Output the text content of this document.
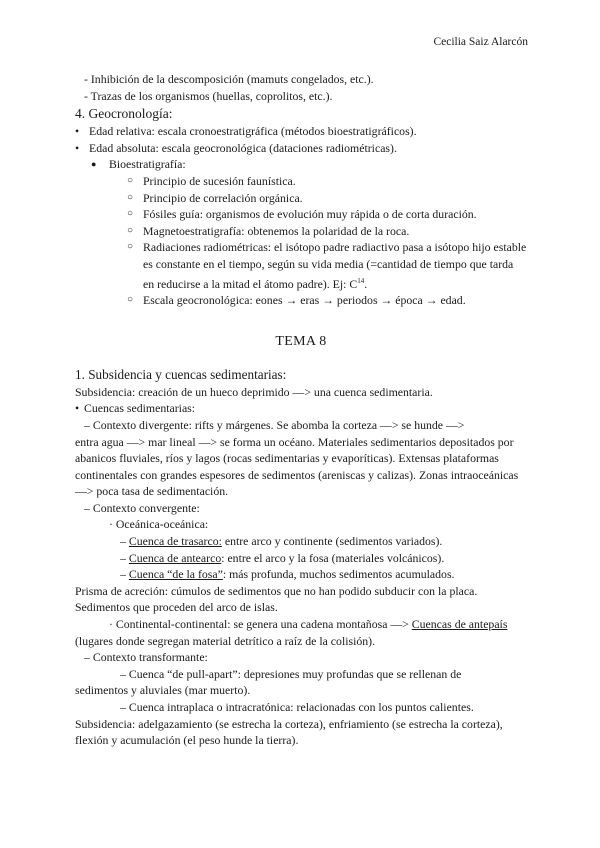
Cecilia Saiz Alarcón
- Inhibición de la descomposición (mamuts congelados, etc.).
- Trazas de los organismos (huellas, coprolitos, etc.).
4. Geocronología:
• Edad relativa: escala cronoestratigráfica (métodos bioestratigráficos).
• Edad absoluta: escala geocronológica (dataciones radiométricas).
●	Bioestratigrafía:
○ Principio de sucesión faunística.
○ Principio de correlación orgánica.
○ Fósiles guía: organismos de evolución muy rápida o de corta duración.
○ Magnetoestratigrafía: obtenemos la polaridad de la roca.
○ Radiaciones radiométricas: el isótopo padre radiactivo pasa a isótopo hijo estable es constante en el tiempo, según su vida media (=cantidad de tiempo que tarda en reducirse a la mitad el átomo padre). Ej: $C^{14}$.
○ Escala geocronológica: eones → eras → periodos → época → edad.
TEMA 8
1. Subsidencia y cuencas sedimentarias:
Subsidencia: creación de un hueco deprimido —> una cuenca sedimentaria.
• Cuencas sedimentarias:
– Contexto divergente: rifts y márgenes. Se abomba la corteza —> se hunde —>
entra agua —> mar lineal —> se forma un océano. Materiales sedimentarios depositados por abanicos fluviales, ríos y lagos (rocas sedimentarias y evaporíticas). Extensas plataformas continentales con grandes espesores de sedimentos (areniscas y calizas). Zonas intraoceánicas —> poca tasa de sedimentación.
– Contexto convergente:
· Oceánica-oceánica:
– Cuenca de trasarco: entre arco y continente (sedimentos variados).
– Cuenca de antearco: entre el arco y la fosa (materiales volcánicos).
– Cuenca “de la fosa”: más profunda, muchos sedimentos acumulados.
Prisma de acreción: cúmulos de sedimentos que no han podido subducir con la placa. Sedimentos que proceden del arco de islas.
· Continental-continental: se genera una cadena montañosa —> Cuencas de antepaís (lugares donde segregan material detrítico a raíz de la colisión).
– Contexto transformante:
– Cuenca “de pull-apart”: depresiones muy profundas que se rellenan de
sedimentos y aluviales (mar muerto).
– Cuenca intraplaca o intracratónica: relacionadas con los puntos calientes.
Subsidencia: adelgazamiento (se estrecha la corteza), enfriamiento (se estrecha la corteza), flexión y acumulación (el peso hunde la tierra).
